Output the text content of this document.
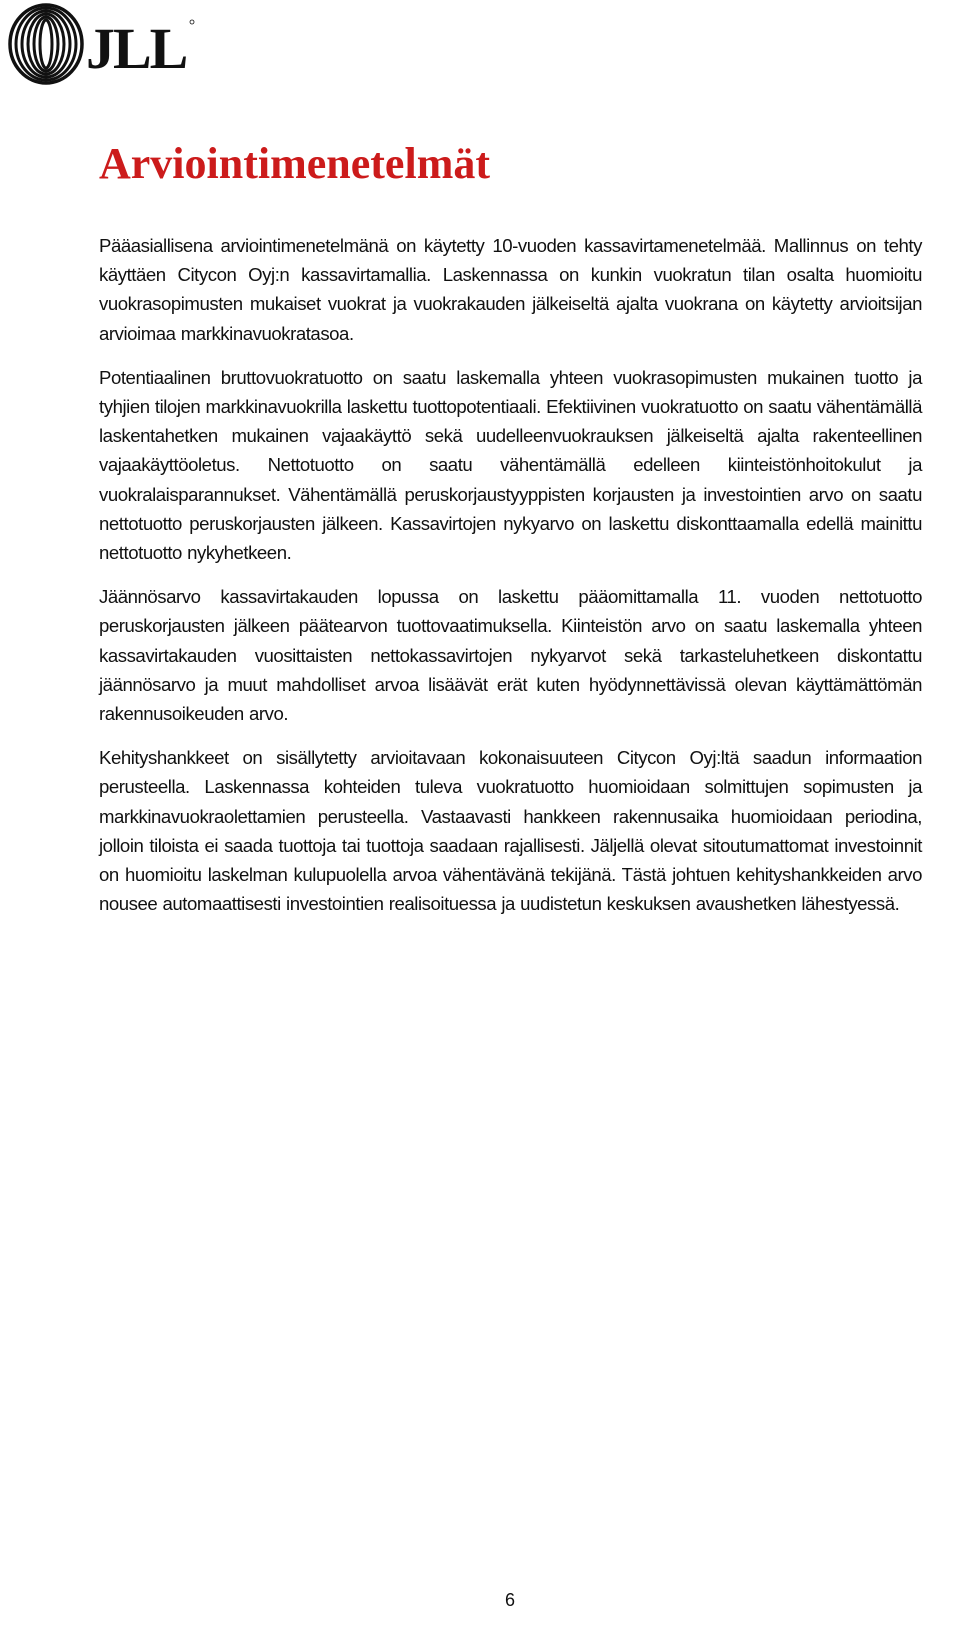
JLL
Arviointimenetelmät

Pääasiallisena arviointimenetelmänä on käytetty 10-vuoden kassavirtamenetelmää. Mallinnus on tehty käyttäen Citycon Oyj:n kassavirtamallia. Laskennassa on kunkin vuokratun tilan osalta huomioitu vuokrasopimusten mukaiset vuokrat ja vuokrakauden jälkeiseltä ajalta vuokrana on käytetty arvioitsijan arvioimaa markkinavuokratasoa.

Potentiaalinen bruttovuokratuotto on saatu laskemalla yhteen vuokrasopimusten mukainen tuotto ja tyhjien tilojen markkinavuokrilla laskettu tuottopotentiaali. Efektiivinen vuokratuotto on saatu vähentämällä laskentahetken mukainen vajaakäyttö sekä uudelleenvuokrauksen jälkeiseltä ajalta rakenteellinen vajaakäyttöoletus. Nettotuotto on saatu vähentämällä edelleen kiinteistönhoitokulut ja vuokralaisparannukset. Vähentämällä peruskorjaustyyppisten korjausten ja investointien arvo on saatu nettotuotto peruskorjausten jälkeen. Kassavirtojen nykyarvo on laskettu diskonttaamalla edellä mainittu nettotuotto nykyhetkeen.

Jäännösarvo kassavirtakauden lopussa on laskettu pääomittamalla 11. vuoden nettotuotto peruskorjausten jälkeen päätearvon tuottovaatimuksella. Kiinteistön arvo on saatu laskemalla yhteen kassavirtakauden vuosittaisten nettokassavirtojen nykyarvot sekä tarkasteluhetkeen diskontattu jäännösarvo ja muut mahdolliset arvoa lisäävät erät kuten hyödynnettävissä olevan käyttämättömän rakennusoikeuden arvo.

Kehityshankkeet on sisällytetty arvioitavaan kokonaisuuteen Citycon Oyj:ltä saadun informaation perusteella. Laskennassa kohteiden tuleva vuokratuotto huomioidaan solmittujen sopimusten ja markkinavuokraolettamien perusteella. Vastaavasti hankkeen rakennusaika huomioidaan periodina, jolloin tiloista ei saada tuottoja tai tuottoja saadaan rajallisesti. Jäljellä olevat sitoutumattomat investoinnit on huomioitu laskelman kulupuolella arvoa vähentävänä tekijänä. Tästä johtuen kehityshankkeiden arvo nousee automaattisesti investointien realisoituessa ja uudistetun keskuksen avaushetken lähestyessä.

6
